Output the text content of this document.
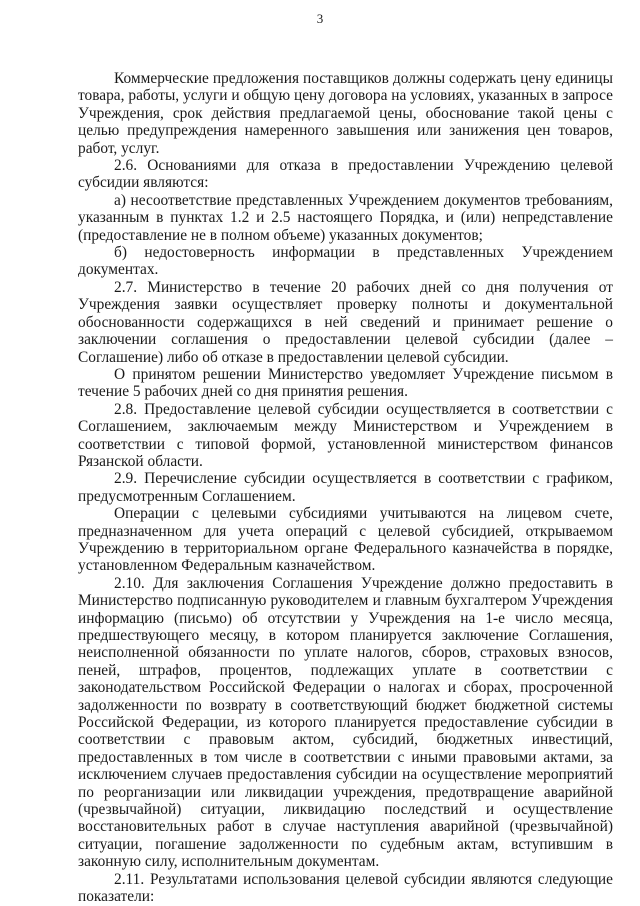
3

Коммерческие предложения поставщиков должны содержать цену единицы товара, работы, услуги и общую цену договора на условиях, указанных в запросе Учреждения, срок действия предлагаемой цены, обоснование такой цены с целью предупреждения намеренного завышения или занижения цен товаров, работ, услуг.

2.6. Основаниями для отказа в предоставлении Учреждению целевой субсидии являются:

а) несоответствие представленных Учреждением документов требованиям, указанным в пунктах 1.2 и 2.5 настоящего Порядка, и (или) непредставление (предоставление не в полном объеме) указанных документов;

б) недостоверность информации в представленных Учреждением документах.

2.7. Министерство в течение 20 рабочих дней со дня получения от Учреждения заявки осуществляет проверку полноты и документальной обоснованности содержащихся в ней сведений и принимает решение о заключении соглашения о предоставлении целевой субсидии (далее – Соглашение) либо об отказе в предоставлении целевой субсидии.

О принятом решении Министерство уведомляет Учреждение письмом в течение 5 рабочих дней со дня принятия решения.

2.8. Предоставление целевой субсидии осуществляется в соответствии с Соглашением, заключаемым между Министерством и Учреждением в соответствии с типовой формой, установленной министерством финансов Рязанской области.

2.9. Перечисление субсидии осуществляется в соответствии с графиком, предусмотренным Соглашением.

Операции с целевыми субсидиями учитываются на лицевом счете, предназначенном для учета операций с целевой субсидией, открываемом Учреждению в территориальном органе Федерального казначейства в порядке, установленном Федеральным казначейством.

2.10. Для заключения Соглашения Учреждение должно предоставить в Министерство подписанную руководителем и главным бухгалтером Учреждения информацию (письмо) об отсутствии у Учреждения на 1-е число месяца, предшествующего месяцу, в котором планируется заключение Соглашения, неисполненной обязанности по уплате налогов, сборов, страховых взносов, пеней, штрафов, процентов, подлежащих уплате в соответствии с законодательством Российской Федерации о налогах и сборах, просроченной задолженности по возврату в соответствующий бюджет бюджетной системы Российской Федерации, из которого планируется предоставление субсидии в соответствии с правовым актом, субсидий, бюджетных инвестиций, предоставленных в том числе в соответствии с иными правовыми актами, за исключением случаев предоставления субсидии на осуществление мероприятий по реорганизации или ликвидации учреждения, предотвращение аварийной (чрезвычайной) ситуации, ликвидацию последствий и осуществление восстановительных работ в случае наступления аварийной (чрезвычайной) ситуации, погашение задолженности по судебным актам, вступившим в законную силу, исполнительным документам.

2.11. Результатами использования целевой субсидии являются следующие показатели:
